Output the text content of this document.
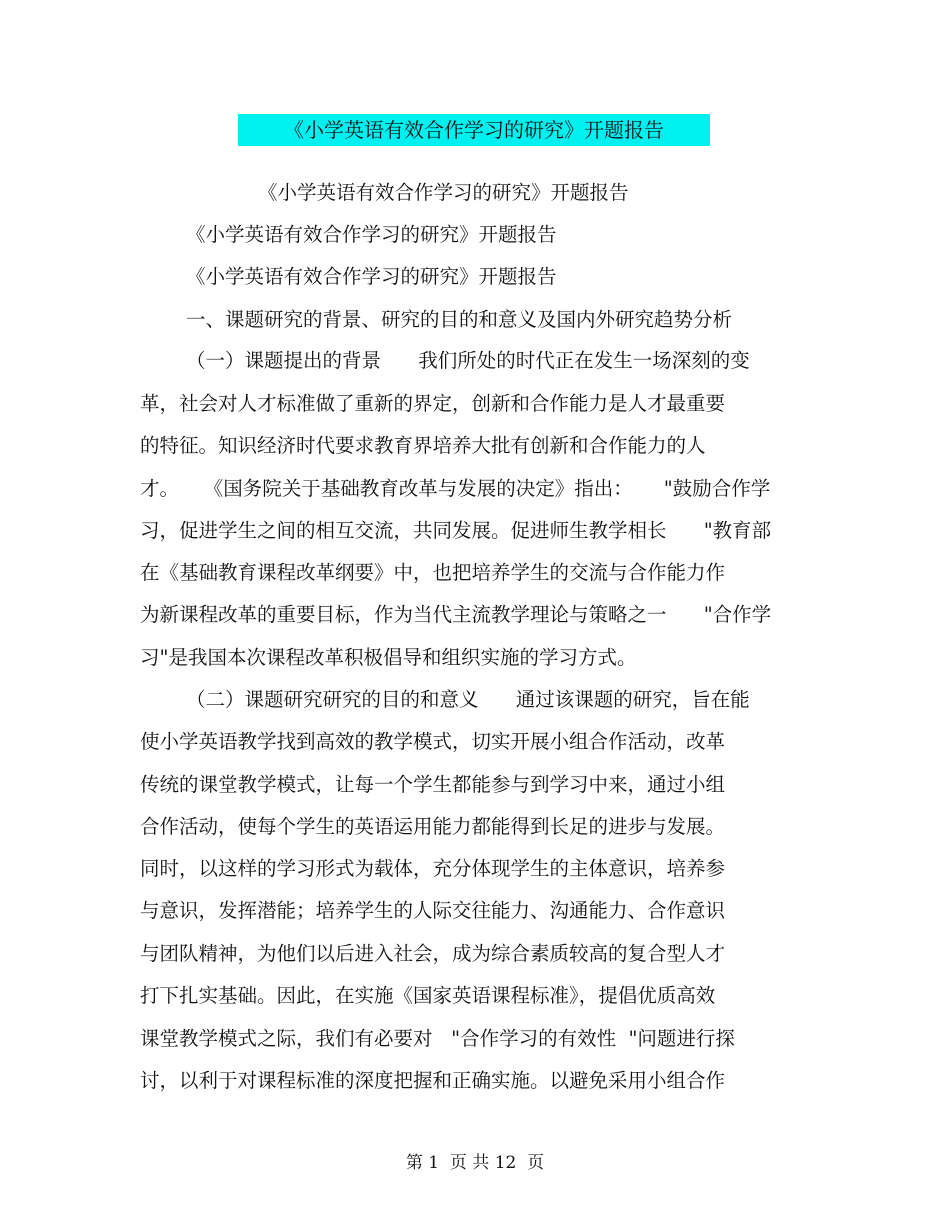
《小学英语有效合作学习的研究》开题报告
《小学英语有效合作学习的研究》开题报告
《小学英语有效合作学习的研究》开题报告
《小学英语有效合作学习的研究》开题报告
一、课题研究的背景、研究的目的和意义及国内外研究趋势分析
（一）课题提出的背景      我们所处的时代正在发生一场深刻的变
革，社会对人才标准做了重新的界定，创新和合作能力是人才最重要
的特征。知识经济时代要求教育界培养大批有创新和合作能力的人
才。    《国务院关于基础教育改革与发展的决定》指出：     "鼓励合作学
习，促进学生之间的相互交流，共同发展。促进师生教学相长      "教育部
在《基础教育课程改革纲要》中，也把培养学生的交流与合作能力作
为新课程改革的重要目标，作为当代主流教学理论与策略之一      "合作学
习"是我国本次课程改革积极倡导和组织实施的学习方式。
（二）课题研究研究的目的和意义      通过该课题的研究，旨在能
使小学英语教学找到高效的教学模式，切实开展小组合作活动，改革
传统的课堂教学模式，让每一个学生都能参与到学习中来，通过小组
合作活动，使每个学生的英语运用能力都能得到长足的进步与发展。
同时，以这样的学习形式为载体，充分体现学生的主体意识，培养参
与意识，发挥潜能；培养学生的人际交往能力、沟通能力、合作意识
与团队精神，为他们以后进入社会，成为综合素质较高的复合型人才
打下扎实基础。因此，在实施《国家英语课程标准》，提倡优质高效
课堂教学模式之际，我们有必要对   "合作学习的有效性  "问题进行探
讨，以利于对课程标准的深度把握和正确实施。以避免采用小组合作
第 1  页 共 12  页
